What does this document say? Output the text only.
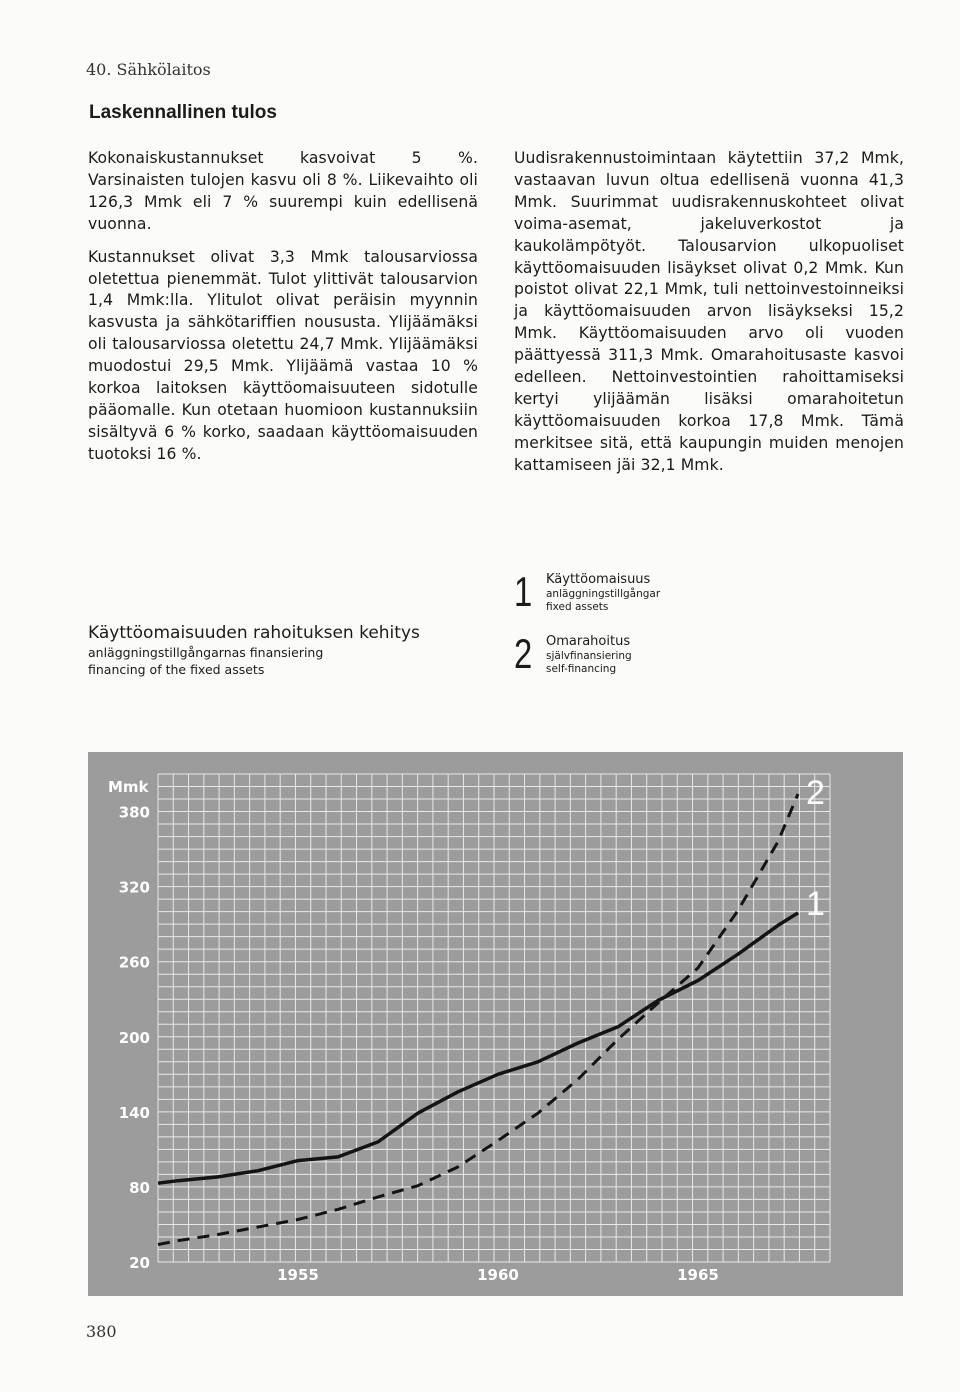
40. Sähkölaitos
Laskennallinen tulos

Kokonaiskustannukset kasvoivat 5 %. Varsinaisten tulojen kasvu oli 8 %. Liikevaihto oli 126,3 Mmk eli 7 % suurempi kuin edellisenä vuonna.

Kustannukset olivat 3,3 Mmk talousarviossa oletettua pienemmät. Tulot ylittivät talousarvion 1,4 Mmk:lla. Ylitulot olivat peräisin myynnin kasvusta ja sähkötariffien noususta. Ylijäämäksi oli talousarviossa oletettu 24,7 Mmk. Ylijäämäksi muodostui 29,5 Mmk. Ylijäämä vastaa 10 % korkoa laitoksen käyttöomaisuuteen sidotulle pääomalle. Kun otetaan huomioon kustannuksiin sisältyvä 6 % korko, saadaan käyttöomaisuuden tuotoksi 16 %.

Uudisrakennustoimintaan käytettiin 37,2 Mmk, vastaavan luvun oltua edellisenä vuonna 41,3 Mmk. Suurimmat uudisrakennuskohteet olivat voima-asemat, jakeluverkostot ja kaukolämpötyöt. Talousarvion ulkopuoliset käyttöomaisuuden lisäykset olivat 0,2 Mmk. Kun poistot olivat 22,1 Mmk, tuli nettoinvestoinneiksi ja käyttöomaisuuden arvon lisäykseksi 15,2 Mmk. Käyttöomaisuuden arvo oli vuoden päättyessä 311,3 Mmk. Omarahoitusaste kasvoi edelleen. Nettoinvestointien rahoittamiseksi kertyi ylijäämän lisäksi omarahoitetun käyttöomaisuuden korkoa 17,8 Mmk. Tämä merkitsee sitä, että kaupungin muiden menojen kattamiseen jäi 32,1 Mmk.

Käyttöomaisuuden rahoituksen kehitys
anläggningstillgångarnas finansiering
financing of the fixed assets
1 Käyttöomaisuus
anläggningstillgångar
fixed assets
2 Omarahoitus
självfinansiering
self-financing
Mmk
20
80
140
200
260
320
380
1955	1960	1965
1
2
380
